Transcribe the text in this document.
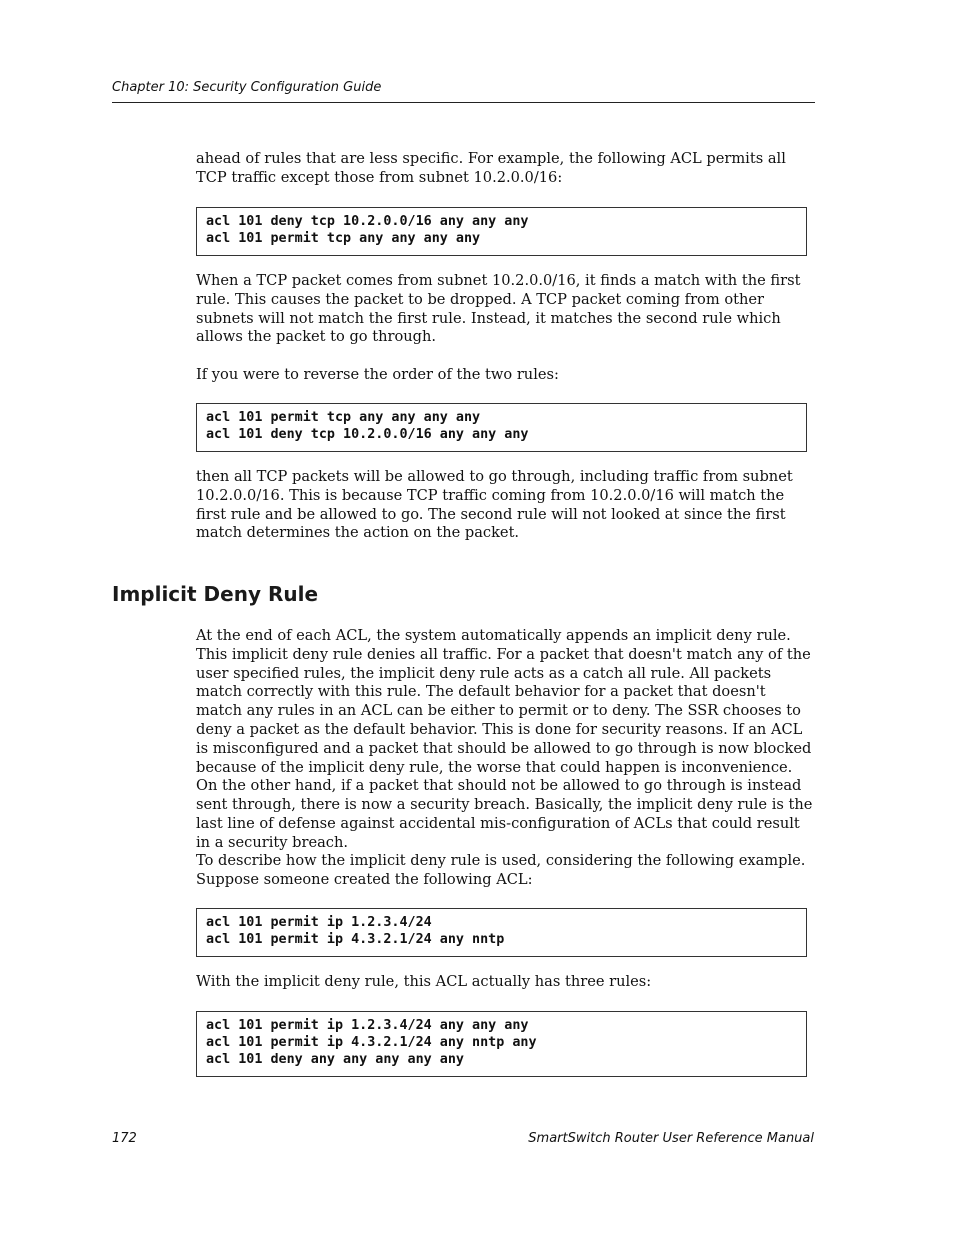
Chapter 10: Security Configuration Guide

ahead of rules that are less specific. For example, the following ACL permits all TCP traffic except those from subnet 10.2.0.0/16:

acl 101 deny tcp 10.2.0.0/16 any any any
acl 101 permit tcp any any any any

When a TCP packet comes from subnet 10.2.0.0/16, it finds a match with the first rule. This causes the packet to be dropped. A TCP packet coming from other subnets will not match the first rule. Instead, it matches the second rule which allows the packet to go through.

If you were to reverse the order of the two rules:

acl 101 permit tcp any any any any
acl 101 deny tcp 10.2.0.0/16 any any any

then all TCP packets will be allowed to go through, including traffic from subnet 10.2.0.0/16. This is because TCP traffic coming from 10.2.0.0/16 will match the first rule and be allowed to go. The second rule will not looked at since the first match determines the action on the packet.

Implicit Deny Rule

At the end of each ACL, the system automatically appends an implicit deny rule. This implicit deny rule denies all traffic. For a packet that doesn't match any of the user specified rules, the implicit deny rule acts as a catch all rule. All packets match correctly with this rule. The default behavior for a packet that doesn't match any rules in an ACL can be either to permit or to deny. The SSR chooses to deny a packet as the default behavior. This is done for security reasons. If an ACL is misconfigured and a packet that should be allowed to go through is now blocked because of the implicit deny rule, the worse that could happen is inconvenience. On the other hand, if a packet that should not be allowed to go through is instead sent through, there is now a security breach. Basically, the implicit deny rule is the last line of defense against accidental mis-configuration of ACLs that could result in a security breach.

To describe how the implicit deny rule is used, considering the following example. Suppose someone created the following ACL:

acl 101 permit ip 1.2.3.4/24
acl 101 permit ip 4.3.2.1/24 any nntp

With the implicit deny rule, this ACL actually has three rules:

acl 101 permit ip 1.2.3.4/24 any any any
acl 101 permit ip 4.3.2.1/24 any nntp any
acl 101 deny any any any any any
172	SmartSwitch Router User Reference Manual
